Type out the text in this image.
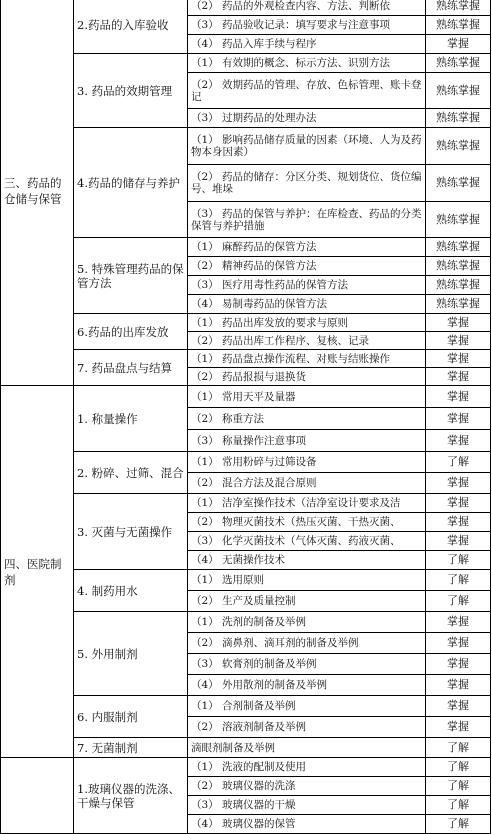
三、药品的仓储与保管	2.药品的入库验收	（2） 药品的外观检查内容、方法、判断依	熟练掌握
		（3） 药品验收记录：填写要求与注意事项	熟练掌握
		（4） 药品入库手续与程序	掌握
	3. 药品的效期管理	（1） 有效期的概念、标示方法、识别方法	熟练掌握
		（2） 效期药品的管理、存放、色标管理、账卡登记	熟练掌握
		（3） 过期药品的处理办法	熟练掌握
	4.药品的储存与养护	（1） 影响药品储存质量的因素（环境、人为及药物本身因素）	熟练掌握
		（2） 药品的储存：分区分类、规划货位、货位编号、堆垛	熟练掌握
		（3） 药品的保管与养护：在库检查、药品的分类保管与养护措施	熟练掌握
	5. 特殊管理药品的保管方法	（1） 麻醉药品的保管方法	熟练掌握
		（2） 精神药品的保管方法	熟练掌握
		（3） 医疗用毒性药品的保管方法	熟练掌握
		（4） 易制毒药品的保管方法	熟练掌握
	6.药品的出库发放	（1） 药品出库发放的要求与原则	掌握
		（2） 药品出库工作程序、复核、记录	掌握
	7. 药品盘点与结算	（1） 药品盘点操作流程、对账与结账操作	掌握
		（2） 药品报损与退换货	掌握
四、医院制剂	1. 称量操作	（1） 常用天平及量器	掌握
		（2） 称重方法	掌握
		（3） 称量操作注意事项	掌握
	2. 粉碎、过筛、混合	（1） 常用粉碎与过筛设备	了解
		（2） 混合方法及混合原则	掌握
	3. 灭菌与无菌操作	（1） 洁净室操作技术（洁净室设计要求及洁	掌握
		（2） 物理灭菌技术（热压灭菌、干热灭菌、	掌握
		（3） 化学灭菌技术（气体灭菌、药液灭菌、	掌握
		（4） 无菌操作技术	了解
	4. 制药用水	（1） 选用原则	了解
		（2） 生产及质量控制	了解
	5. 外用制剂	（1） 洗剂的制备及举例	掌握
		（2） 滴鼻剂、滴耳剂的制备及举例	掌握
		（3） 软膏剂的制备及举例	掌握
		（4） 外用散剂的制备及举例	掌握
	6. 内服制剂	（1） 合剂制备及举例	掌握
		（2） 溶液剂制备及举例	掌握
	7. 无菌制剂	滴眼剂制备及举例	了解
	1.玻璃仪器的洗涤、干燥与保管	（1） 洗液的配制及使用	了解
		（2） 玻璃仪器的洗涤	了解
		（3） 玻璃仪器的干燥	了解
		（4） 玻璃仪器的保管	了解
